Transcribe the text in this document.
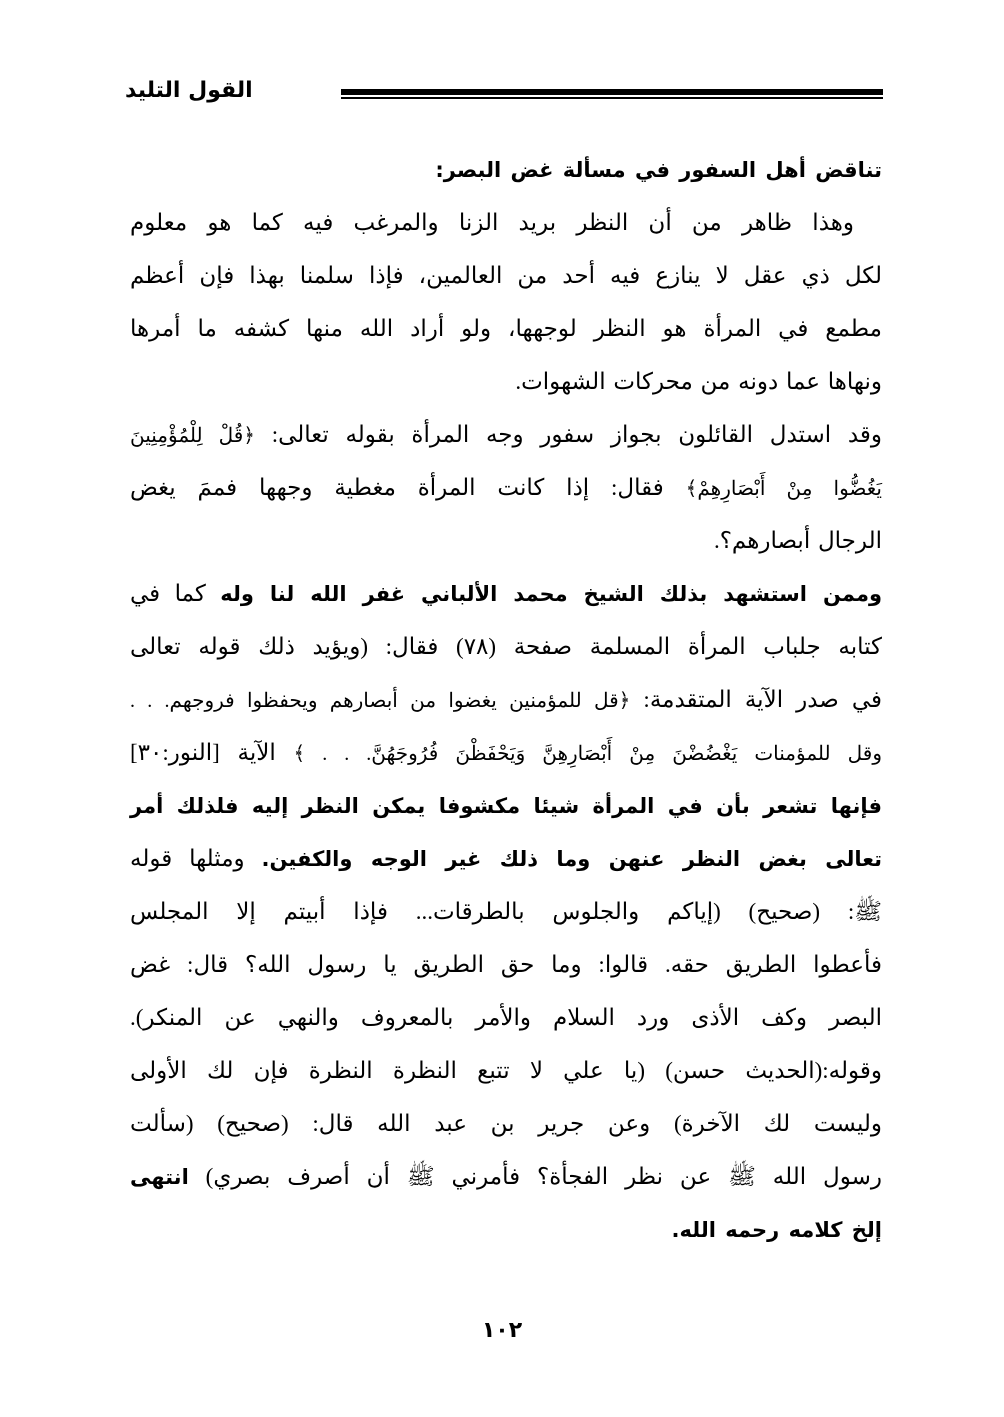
القول التليد
تناقض أهل السفور في مسألة غض البصر:
وهذا ظاهر من أن النظر بريد الزنا والمرغب فيه كما هو معلوم
لكل ذي عقل لا ينازع فيه أحد من العالمين، فإذا سلمنا بهذا فإن أعظم
مطمع في المرأة هو النظر لوجهها، ولو أراد الله منها كشفه ما أمرها
ونهاها عما دونه من محركات الشهوات.
وقد استدل القائلون بجواز سفور وجه المرأة بقوله تعالى: ﴿قُلْ لِلْمُؤْمِنِينَ
يَغُضُّوا مِنْ أَبْصَارِهِمْ﴾ فقال: إذا كانت المرأة مغطية وجهها فممَ يغض
الرجال أبصارهم؟.
وممن استشهد بذلك الشيخ محمد الألباني غفر الله لنا وله كما في
كتابه جلباب المرأة المسلمة صفحة (٧٨) فقال: (ويؤيد ذلك قوله تعالى
في صدر الآية المتقدمة: ﴿قل للمؤمنين يغضوا من أبصارهم ويحفظوا فروجهم. . .
وقل للمؤمنات يَغْضُضْنَ مِنْ أَبْصَارِهِنَّ وَيَحْفَظْنَ فُرُوجَهُنَّ. . . ﴾ الآية [النور:٣٠]
فإنها تشعر بأن في المرأة شيئا مكشوفا يمكن النظر إليه فلذلك أمر
تعالى بغض النظر عنهن وما ذلك غير الوجه والكفين. ومثلها قوله
ﷺ: (صحيح) (إياكم والجلوس بالطرقات... فإذا أبيتم إلا المجلس
فأعطوا الطريق حقه. قالوا: وما حق الطريق يا رسول الله؟ قال: غض
البصر وكف الأذى ورد السلام والأمر بالمعروف والنهي عن المنكر).
وقوله:(الحديث حسن) (يا علي لا تتبع النظرة النظرة فإن لك الأولى
وليست لك الآخرة) وعن جرير بن عبد الله قال: (صحيح) (سألت
رسول الله ﷺ عن نظر الفجأة؟ فأمرني ﷺ أن أصرف بصري) انتهى
إلخ كلامه رحمه الله.
١٠٢
